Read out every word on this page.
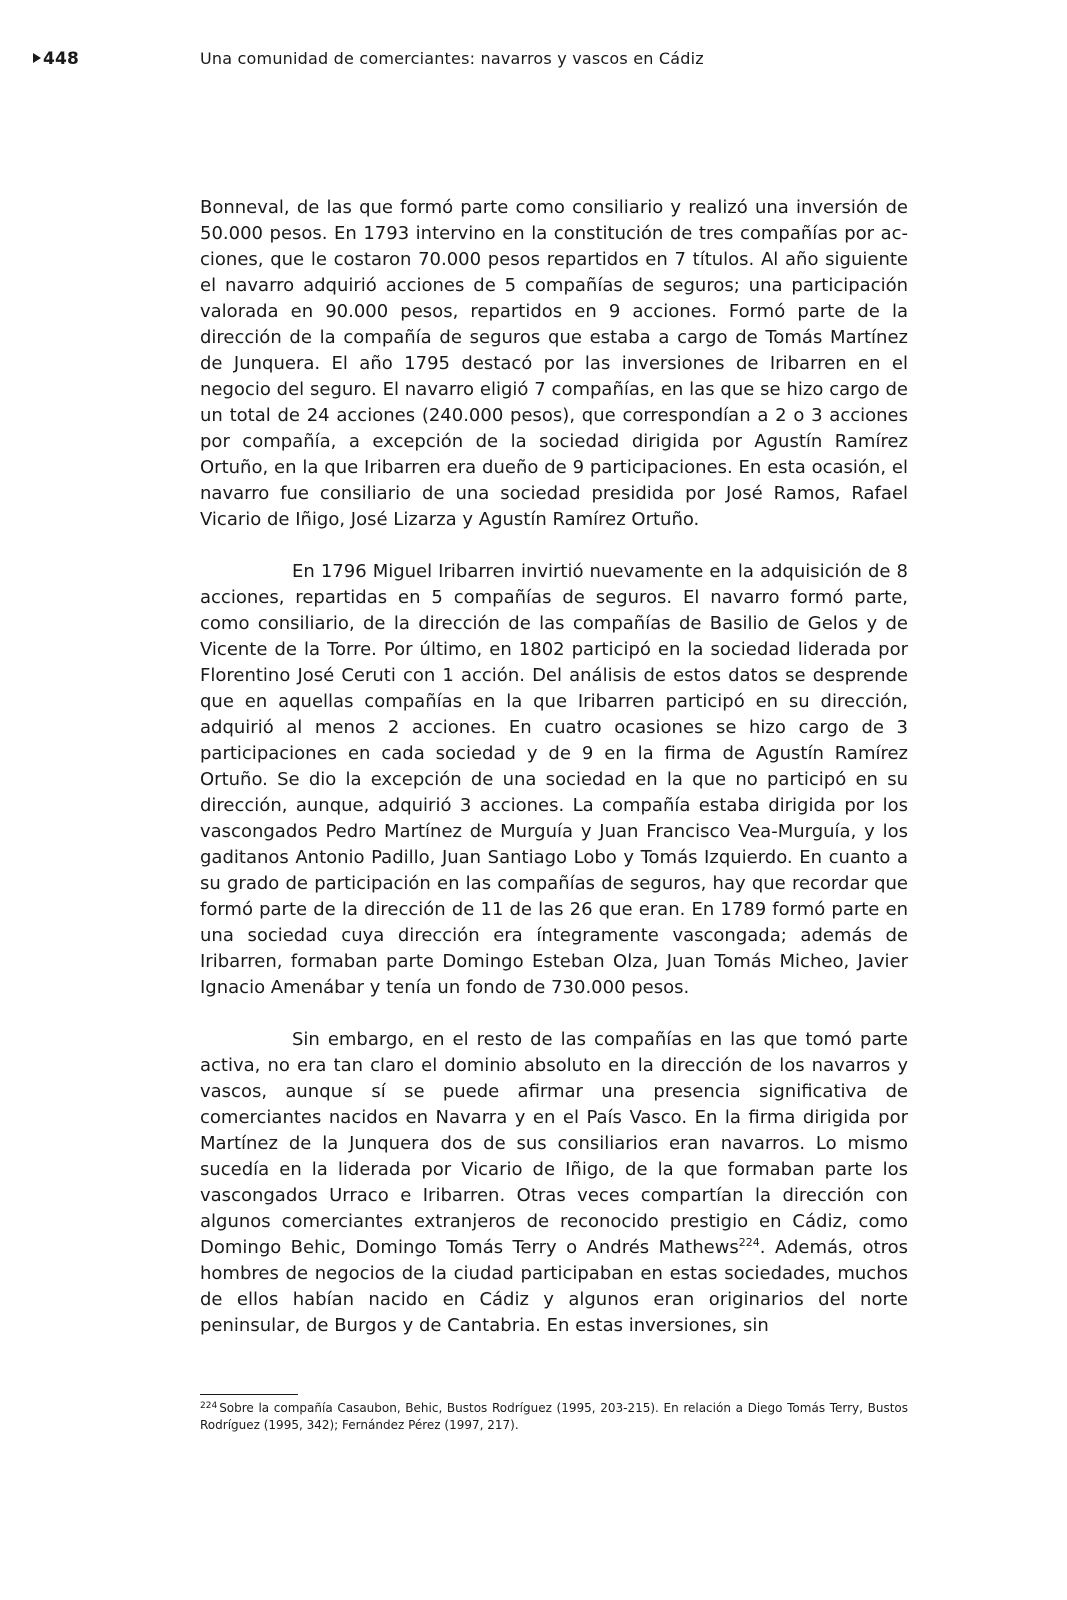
448	Una comunidad de comerciantes: navarros y vascos en Cádiz

Bonneval, de las que formó parte como consiliario y realizó una inversión de 50.000 pesos. En 1793 intervino en la constitución de tres compañías por acciones, que le costaron 70.000 pesos repartidos en 7 títulos. Al año siguiente el navarro adquirió acciones de 5 compañías de seguros; una participación valorada en 90.000 pesos, repartidos en 9 acciones. Formó parte de la dirección de la compañía de seguros que estaba a cargo de Tomás Martínez de Junquera. El año 1795 destacó por las inversiones de Iribarren en el negocio del seguro. El navarro eligió 7 compañías, en las que se hizo cargo de un total de 24 acciones (240.000 pesos), que correspondían a 2 o 3 acciones por compañía, a excepción de la sociedad dirigida por Agustín Ramírez Ortuño, en la que Iribarren era dueño de 9 participaciones. En esta ocasión, el navarro fue consiliario de una sociedad presidida por José Ramos, Rafael Vicario de Iñigo, José Lizarza y Agustín Ramírez Ortuño.

En 1796 Miguel Iribarren invirtió nuevamente en la adquisición de 8 acciones, repartidas en 5 compañías de seguros. El navarro formó parte, como consiliario, de la dirección de las compañías de Basilio de Gelos y de Vicente de la Torre. Por último, en 1802 participó en la sociedad liderada por Florentino José Ceruti con 1 acción. Del análisis de estos datos se desprende que en aquellas compañías en la que Iribarren participó en su dirección, adquirió al menos 2 acciones. En cuatro ocasiones se hizo cargo de 3 participaciones en cada sociedad y de 9 en la firma de Agustín Ramírez Ortuño. Se dio la excepción de una sociedad en la que no participó en su dirección, aunque, adquirió 3 acciones. La compañía estaba dirigida por los vascongados Pedro Martínez de Murguía y Juan Francisco Vea-Murguía, y los gaditanos Antonio Padillo, Juan Santiago Lobo y Tomás Izquierdo. En cuanto a su grado de participación en las compañías de seguros, hay que recordar que formó parte de la dirección de 11 de las 26 que eran. En 1789 formó parte en una sociedad cuya dirección era íntegramente vascongada; además de Iribarren, formaban parte Domingo Esteban Olza, Juan Tomás Micheo, Javier Ignacio Amenábar y tenía un fondo de 730.000 pesos.

Sin embargo, en el resto de las compañías en las que tomó parte activa, no era tan claro el dominio absoluto en la dirección de los navarros y vascos, aunque sí se puede afirmar una presencia significativa de comerciantes nacidos en Navarra y en el País Vasco. En la firma dirigida por Martínez de la Junquera dos de sus consiliarios eran navarros. Lo mismo sucedía en la liderada por Vicario de Iñigo, de la que formaban parte los vascongados Urraco e Iribarren. Otras veces compartían la dirección con algunos comerciantes extranjeros de reconocido prestigio en Cádiz, como Domingo Behic, Domingo Tomás Terry o Andrés Mathews$^{224}$. Además, otros hombres de negocios de la ciudad participaban en estas sociedades, muchos de ellos habían nacido en Cádiz y algunos eran originarios del norte peninsular, de Burgos y de Cantabria. En estas inversiones, sin

$^{224}$ Sobre la compañía Casaubon, Behic, Bustos Rodríguez (1995, 203-215). En relación a Diego Tomás Terry, Bustos Rodríguez (1995, 342); Fernández Pérez (1997, 217).
